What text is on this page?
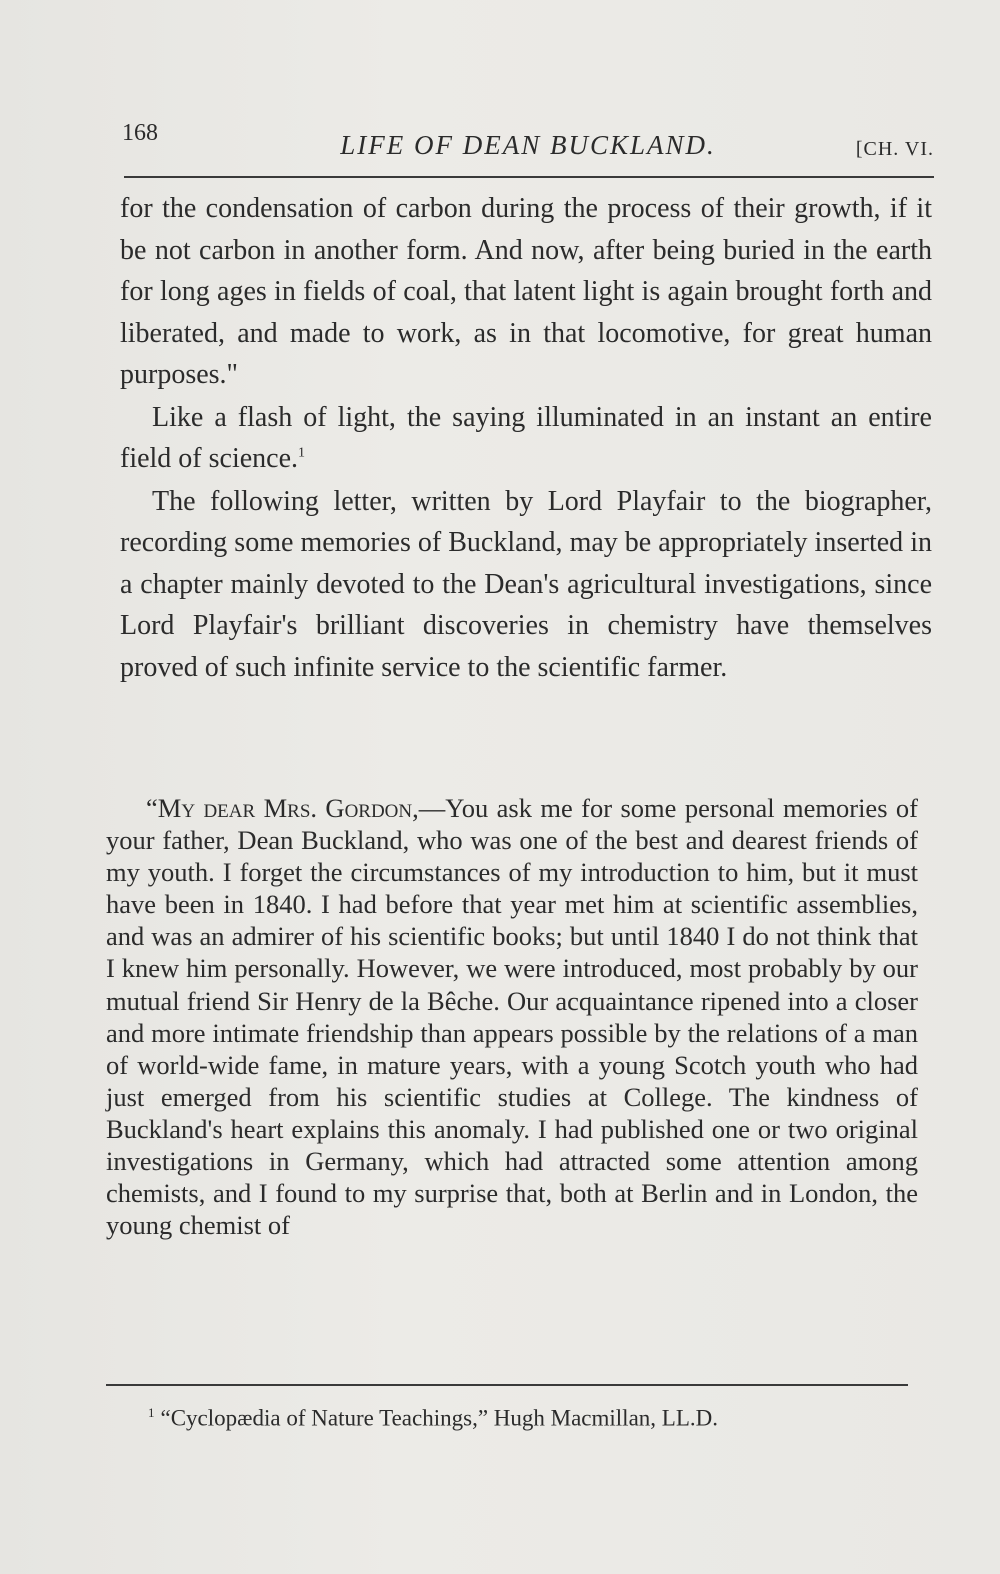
168	LIFE OF DEAN BUCKLAND.	[CH. VI.

for the condensation of carbon during the process of their growth, if it be not carbon in another form. And now, after being buried in the earth for long ages in fields of coal, that latent light is again brought forth and liberated, and made to work, as in that locomotive, for great human purposes."

Like a flash of light, the saying illuminated in an instant an entire field of science.$^1$

The following letter, written by Lord Playfair to the biographer, recording some memories of Buckland, may be appropriately inserted in a chapter mainly devoted to the Dean's agricultural investigations, since Lord Playfair's brilliant discoveries in chemistry have themselves proved of such infinite service to the scientific farmer.

“My dear Mrs. Gordon,—You ask me for some personal memories of your father, Dean Buckland, who was one of the best and dearest friends of my youth. I forget the circumstances of my introduction to him, but it must have been in 1840. I had before that year met him at scientific assemblies, and was an admirer of his scientific books; but until 1840 I do not think that I knew him personally. However, we were introduced, most probably by our mutual friend Sir Henry de la Bêche. Our acquaintance ripened into a closer and more intimate friendship than appears possible by the relations of a man of world-wide fame, in mature years, with a young Scotch youth who had just emerged from his scientific studies at College. The kindness of Buckland's heart explains this anomaly. I had published one or two original investigations in Germany, which had attracted some attention among chemists, and I found to my surprise that, both at Berlin and in London, the young chemist of

$^1$ “Cyclopædia of Nature Teachings,” Hugh Macmillan, LL.D.
